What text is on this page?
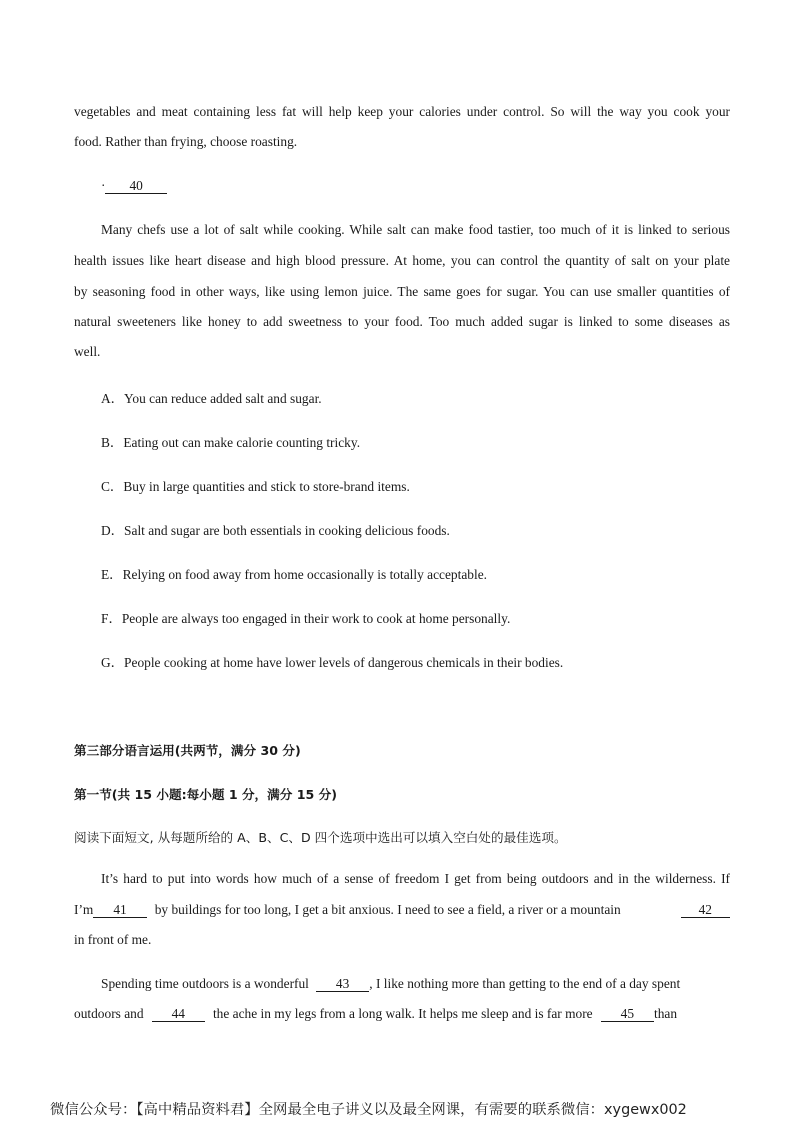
vegetables and meat containing less fat will help keep your calories under control. So will the way you cook your
food. Rather than frying, choose roasting.
· 40
Many chefs use a lot of salt while cooking. While salt can make food tastier, too much of it is linked to serious
health issues like heart disease and high blood pressure. At home, you can control the quantity of salt on your plate
by seasoning food in other ways, like using lemon juice. The same goes for sugar. You can use smaller quantities of
natural sweeteners like honey to add sweetness to your food. Too much added sugar is linked to some diseases as
well.
A．You can reduce added salt and sugar.
B．Eating out can make calorie counting tricky.
C．Buy in large quantities and stick to store-brand items.
D．Salt and sugar are both essentials in cooking delicious foods.
E．Relying on food away from home occasionally is totally acceptable.
F．People are always too engaged in their work to cook at home personally.
G．People cooking at home have lower levels of dangerous chemicals in their bodies.
第三部分语言运用(共两节，满分 30 分)
第一节(共 15 小题:每小题 1 分，满分 15 分)
阅读下面短文, 从每题所给的 A、B、C、D 四个选项中选出可以填入空白处的最佳选项。
It’s hard to put into words how much of a sense of freedom I get from being outdoors and in the wilderness. If
I’m	41	by buildings for too long, I get a bit anxious. I need to see a field, a river or a mountain	42
in front of me.
Spending time outdoors is a wonderful	43	, I like nothing more than getting to the end of a day spent
outdoors and	44	the ache in my legs from a long walk. It helps me sleep and is far more	45	than
微信公众号：【高中精品资料君】全网最全电子讲义以及最全网课，有需要的联系微信：xygewx002
